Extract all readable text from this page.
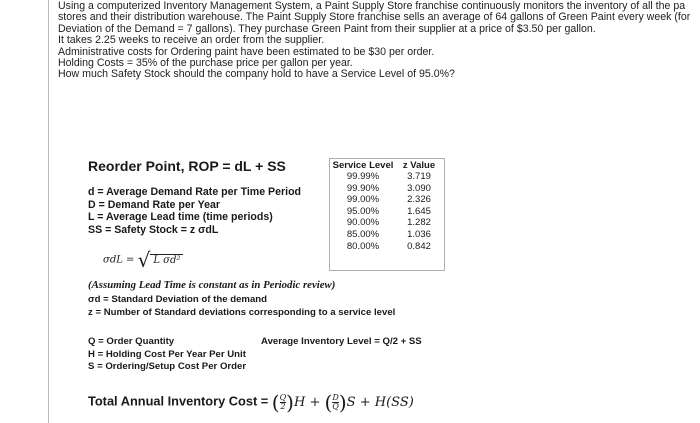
Using a computerized Inventory Management System, a Paint Supply Store franchise continuously monitors the inventory of all the pa
stores and their distribution warehouse. The Paint Supply Store franchise sells an average of 64 gallons of Green Paint every week (for
Deviation of the Demand = 7 gallons). They purchase Green Paint from their supplier at a price of $3.50 per gallon.
It takes 2.25 weeks to receive an order from the supplier.
Administrative costs for Ordering paint have been estimated to be $30 per order.
Holding Costs = 35% of the purchase price per gallon per year.
How much Safety Stock should the company hold to have a Service Level of 95.0%?
Reorder Point, ROP = dL + SS
d = Average Demand Rate per Time Period
D = Demand Rate per Year
L = Average Lead time (time periods)
SS = Safety Stock = z σdL
Service Level	z Value
99.99%	3.719
99.90%	3.090
99.00%	2.326
95.00%	1.645
90.00%	1.282
85.00%	1.036
80.00%	0.842
σdL = √ L σd²
(Assuming Lead Time is constant as in Periodic review)
σd = Standard Deviation of the demand
z = Number of Standard deviations corresponding to a service level
Q = Order Quantity
H = Holding Cost Per Year Per Unit
S = Ordering/Setup Cost Per Order
Average Inventory Level = Q/2 + SS
Total Annual Inventory Cost = ( $\frac{Q}{2} )H$ + ( $\frac{D}{Q} )S + H(SS)$
